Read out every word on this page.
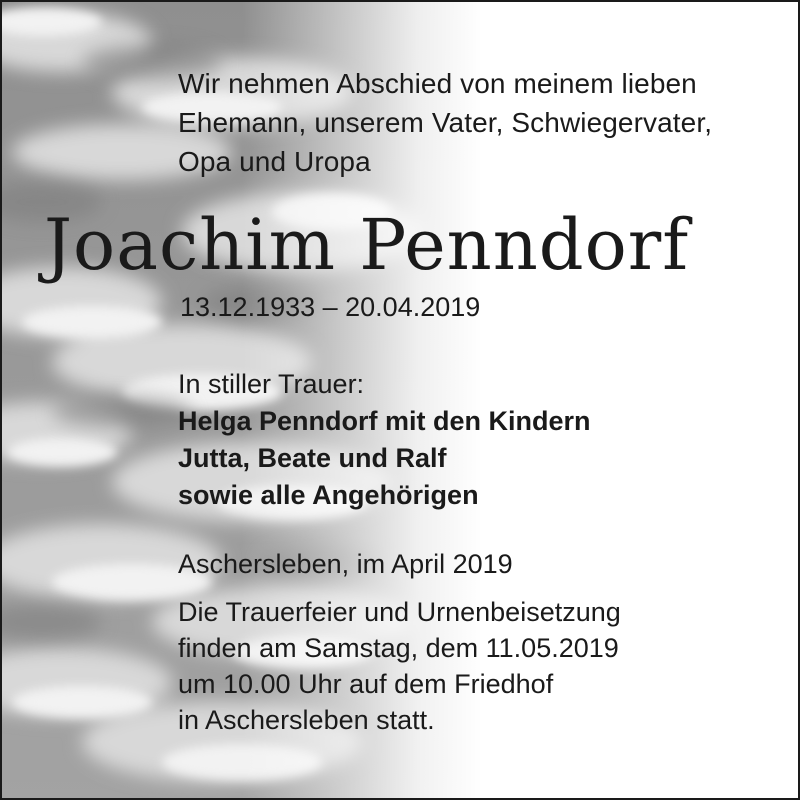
Wir nehmen Abschied von meinem lieben
Ehemann, unserem Vater, Schwiegervater,
Opa und Uropa

Joachim Penndorf
13.12.1933 – 20.04.2019
In stiller Trauer:
Helga Penndorf mit den Kindern
Jutta, Beate und Ralf
sowie alle Angehörigen
Aschersleben, im April 2019
Die Trauerfeier und Urnenbeisetzung
finden am Samstag, dem 11.05.2019
um 10.00 Uhr auf dem Friedhof
in Aschersleben statt.
